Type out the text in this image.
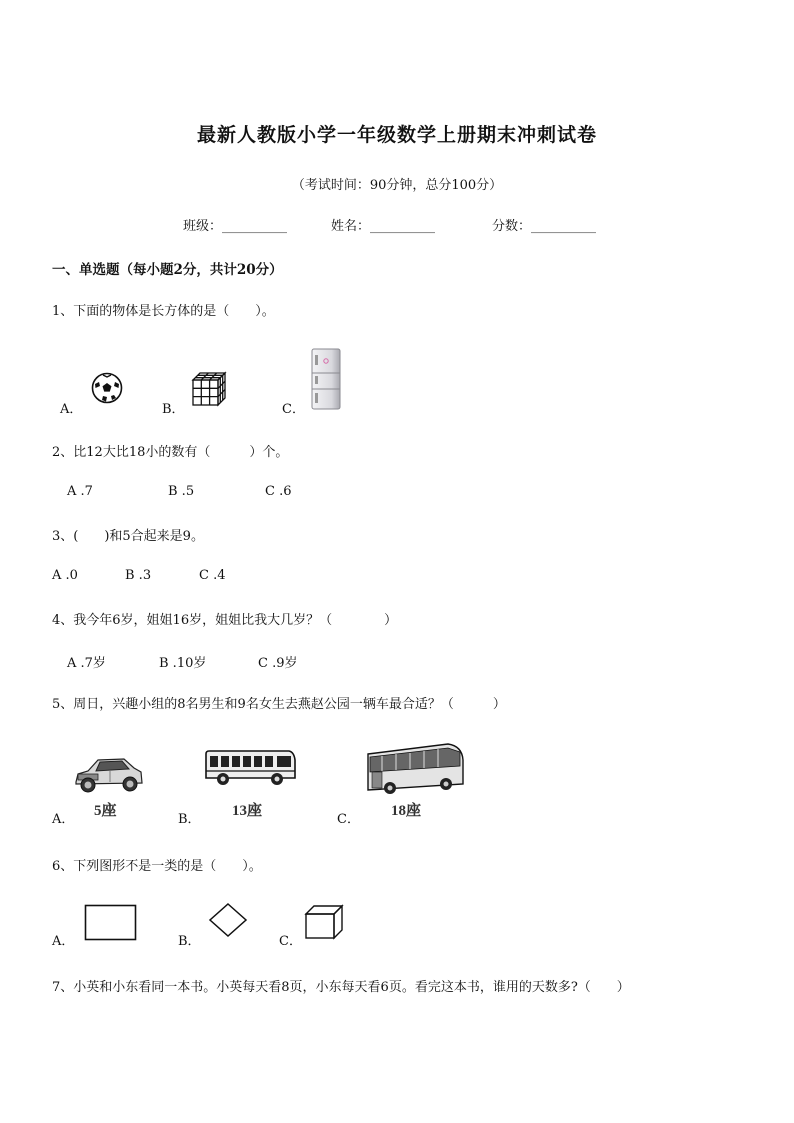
最新人教版小学一年级数学上册期末冲刺试卷
（考试时间：90分钟，总分100分）
班级：__________	姓名：__________	分数：__________
一、单选题（每小题2分，共计20分）
1、下面的物体是长方体的是（　　）。
A．	B．	C．
2、比12大比18小的数有（　　　）个。
A .7	B .5	C .6
3、(　　)和5合起来是9。
A .0	B .3	C .4
4、我今年6岁，姐姐16岁，姐姐比我大几岁？（　　　　）
A .7岁	B .10岁	C .9岁
5、周日，兴趣小组的8名男生和9名女生去燕赵公园一辆车最合适？（　　　）
A．
5座
B．
13座
C．
18座
6、下列图形不是一类的是（　　）。
A．	B．	C．
7、小英和小东看同一本书。小英每天看8页，小东每天看6页。看完这本书，谁用的天数多?（　　）
